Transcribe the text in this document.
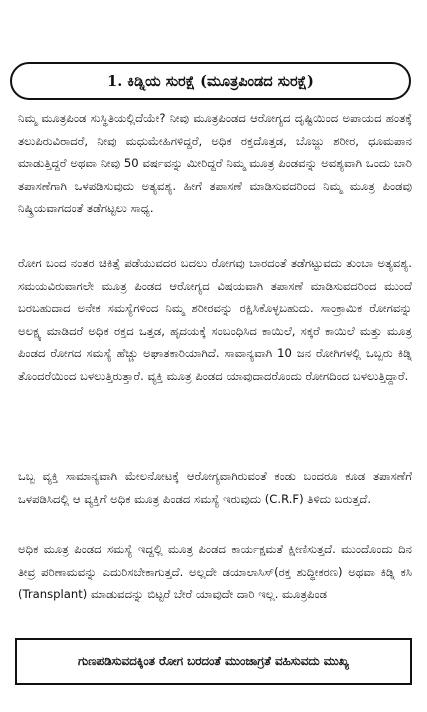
1. ಕಿಡ್ನಿಯ ಸುರಕ್ಷೆ (ಮೂತ್ರಪಿಂಡದ ಸುರಕ್ಷೆ)
ನಿಮ್ಮ ಮೂತ್ರಪಿಂಡ ಸುಸ್ಥಿತಿಯಲ್ಲಿದೆಯೇ? ನೀವು ಮೂತ್ರಪಿಂಡದ ಆರೋಗ್ಯದ ದೃಷ್ಟಿಯಿಂದ ಅಪಾಯದ ಹಂತಕ್ಕೆ ತಲುಪಿರುವಿರಾದರೆ, ನೀವು ಮಧುಮೇಹಿಗಳಿದ್ದರೆ, ಅಧಿಕ ರಕ್ತದೊತ್ತಡ, ಬೊಜ್ಜು ಶರೀರ, ಧೂಮಪಾನ ಮಾಡುತ್ತಿದ್ದರೆ ಅಥವಾ ನೀವು 50 ವರ್ಷವನ್ನು ಮೀರಿದ್ದರೆ ನಿಮ್ಮ ಮೂತ್ರ ಪಿಂಡವನ್ನು ಅವಶ್ಯವಾಗಿ ಒಂದು ಬಾರಿ ತಪಾಸಣೆಗಾಗಿ ಒಳಪಡಿಸುವುದು ಅತ್ಯವಶ್ಯ. ಹೀಗೆ ತಪಾಸಣೆ ಮಾಡಿಸುವದರಿಂದ ನಿಮ್ಮ ಮೂತ್ರ ಪಿಂಡವು ನಿಷ್ಕ್ರಿಯವಾಗದಂತೆ ತಡೆಗಟ್ಟಲು ಸಾಧ್ಯ.
ರೋಗ ಬಂದ ನಂತರ ಚಿಕಿತ್ಸೆ ಪಡೆಯುವದರ ಬದಲು ರೋಗವು ಬಾರದಂತೆ ತಡೆಗಟ್ಟುವದು ತುಂಬಾ ಅತ್ಯವಶ್ಯ. ಸಮಯವಿರುವಾಗಲೇ ಮೂತ್ರ ಪಿಂಡದ ಆರೋಗ್ಯದ ವಿಷಯವಾಗಿ ತಪಾಸಣೆ ಮಾಡಿಸುವದರಿಂದ ಮುಂದೆ ಬರಬಹುದಾದ ಅನೇಕ ಸಮಸ್ಯೆಗಳಿಂದ ನಿಮ್ಮ ಶರೀರವನ್ನು ರಕ್ಷಿಸಿಕೊಳ್ಳಬಹುದು. ಸಾಂಕ್ರಾಮಿಕ ರೋಗವನ್ನು ಅಲಕ್ಷ್ಯ ಮಾಡಿದರೆ ಅಧಿಕ ರಕ್ತದ ಒತ್ತಡ, ಹೃದಯಕ್ಕೆ ಸಂಬಂಧಿಸಿದ ಕಾಯಿಲೆ, ಸಕ್ಕರೆ ಕಾಯಿಲೆ ಮತ್ತು ಮೂತ್ರ ಪಿಂಡದ ರೋಗದ ಸಮಸ್ಯೆ ಹೆಚ್ಚು ಅಘಾತಕಾರಿಯಾಗಿದೆ. ಸಾವಾನ್ಯವಾಗಿ 10 ಜನ ರೋಗಿಗಳಲ್ಲಿ ಒಬ್ಬರು ಕಿಡ್ನಿ ತೊಂದರೆಯಿಂದ ಬಳಲುತ್ತಿರುತ್ತಾರೆ. ವ್ಯಕ್ತಿ ಮೂತ್ರ ಪಿಂಡದ ಯಾವುದಾದರೊಂದು ರೋಗದಿಂದ ಬಳಲುತ್ತಿದ್ದಾರೆ.
ಒಬ್ಬ ವ್ಯಕ್ತಿ ಸಾಮಾನ್ಯವಾಗಿ ಮೇಲನೋಟಕ್ಕೆ ಆರೋಗ್ಯವಾಗಿರುವಂತೆ ಕಂಡು ಬಂದರೂ ಕೂಡ ತಪಾಸಣೆಗೆ ಒಳಪಡಿಸಿದಲ್ಲಿ ಆ ವ್ಯಕ್ತಿಗೆ ಅಧಿಕ ಮೂತ್ರ ಪಿಂಡದ ಸಮಸ್ಯೆ ಇರುವುದು (C.R.F) ತಿಳಿದು ಬರುತ್ತದೆ.
ಅಧಿಕ ಮೂತ್ರ ಪಿಂಡದ ಸಮಸ್ಯೆ ಇದ್ದಲ್ಲಿ ಮೂತ್ರ ಪಿಂಡದ ಕಾರ್ಯಕ್ಷಮತೆ ಕ್ಷೀಣಿಸುತ್ತದೆ. ಮುಂದೊಂದು ದಿನ ತೀವ್ರ ಪರಿಣಾಮವನ್ನು ಎದುರಿಸಬೇಕಾಗುತ್ತದೆ. ಅಲ್ಲದೇ ಡಯಾಲಾಸಿಸ್(ರಕ್ತ ಶುದ್ಧೀಕರಣ) ಅಥವಾ ಕಿಡ್ನಿ ಕಸಿ (Transplant) ಮಾಡುವದನ್ನು ಬಿಟ್ಟರೆ ಬೇರೆ ಯಾವುದೇ ದಾರಿ ಇಲ್ಲ. ಮೂತ್ರಪಿಂಡ
ಗುಣಪಡಿಸುವದಕ್ಕಿಂತ ರೋಗ ಬರದಂತೆ ಮುಂಜಾಗ್ರತೆ ವಹಿಸುವದು ಮುಖ್ಯ
